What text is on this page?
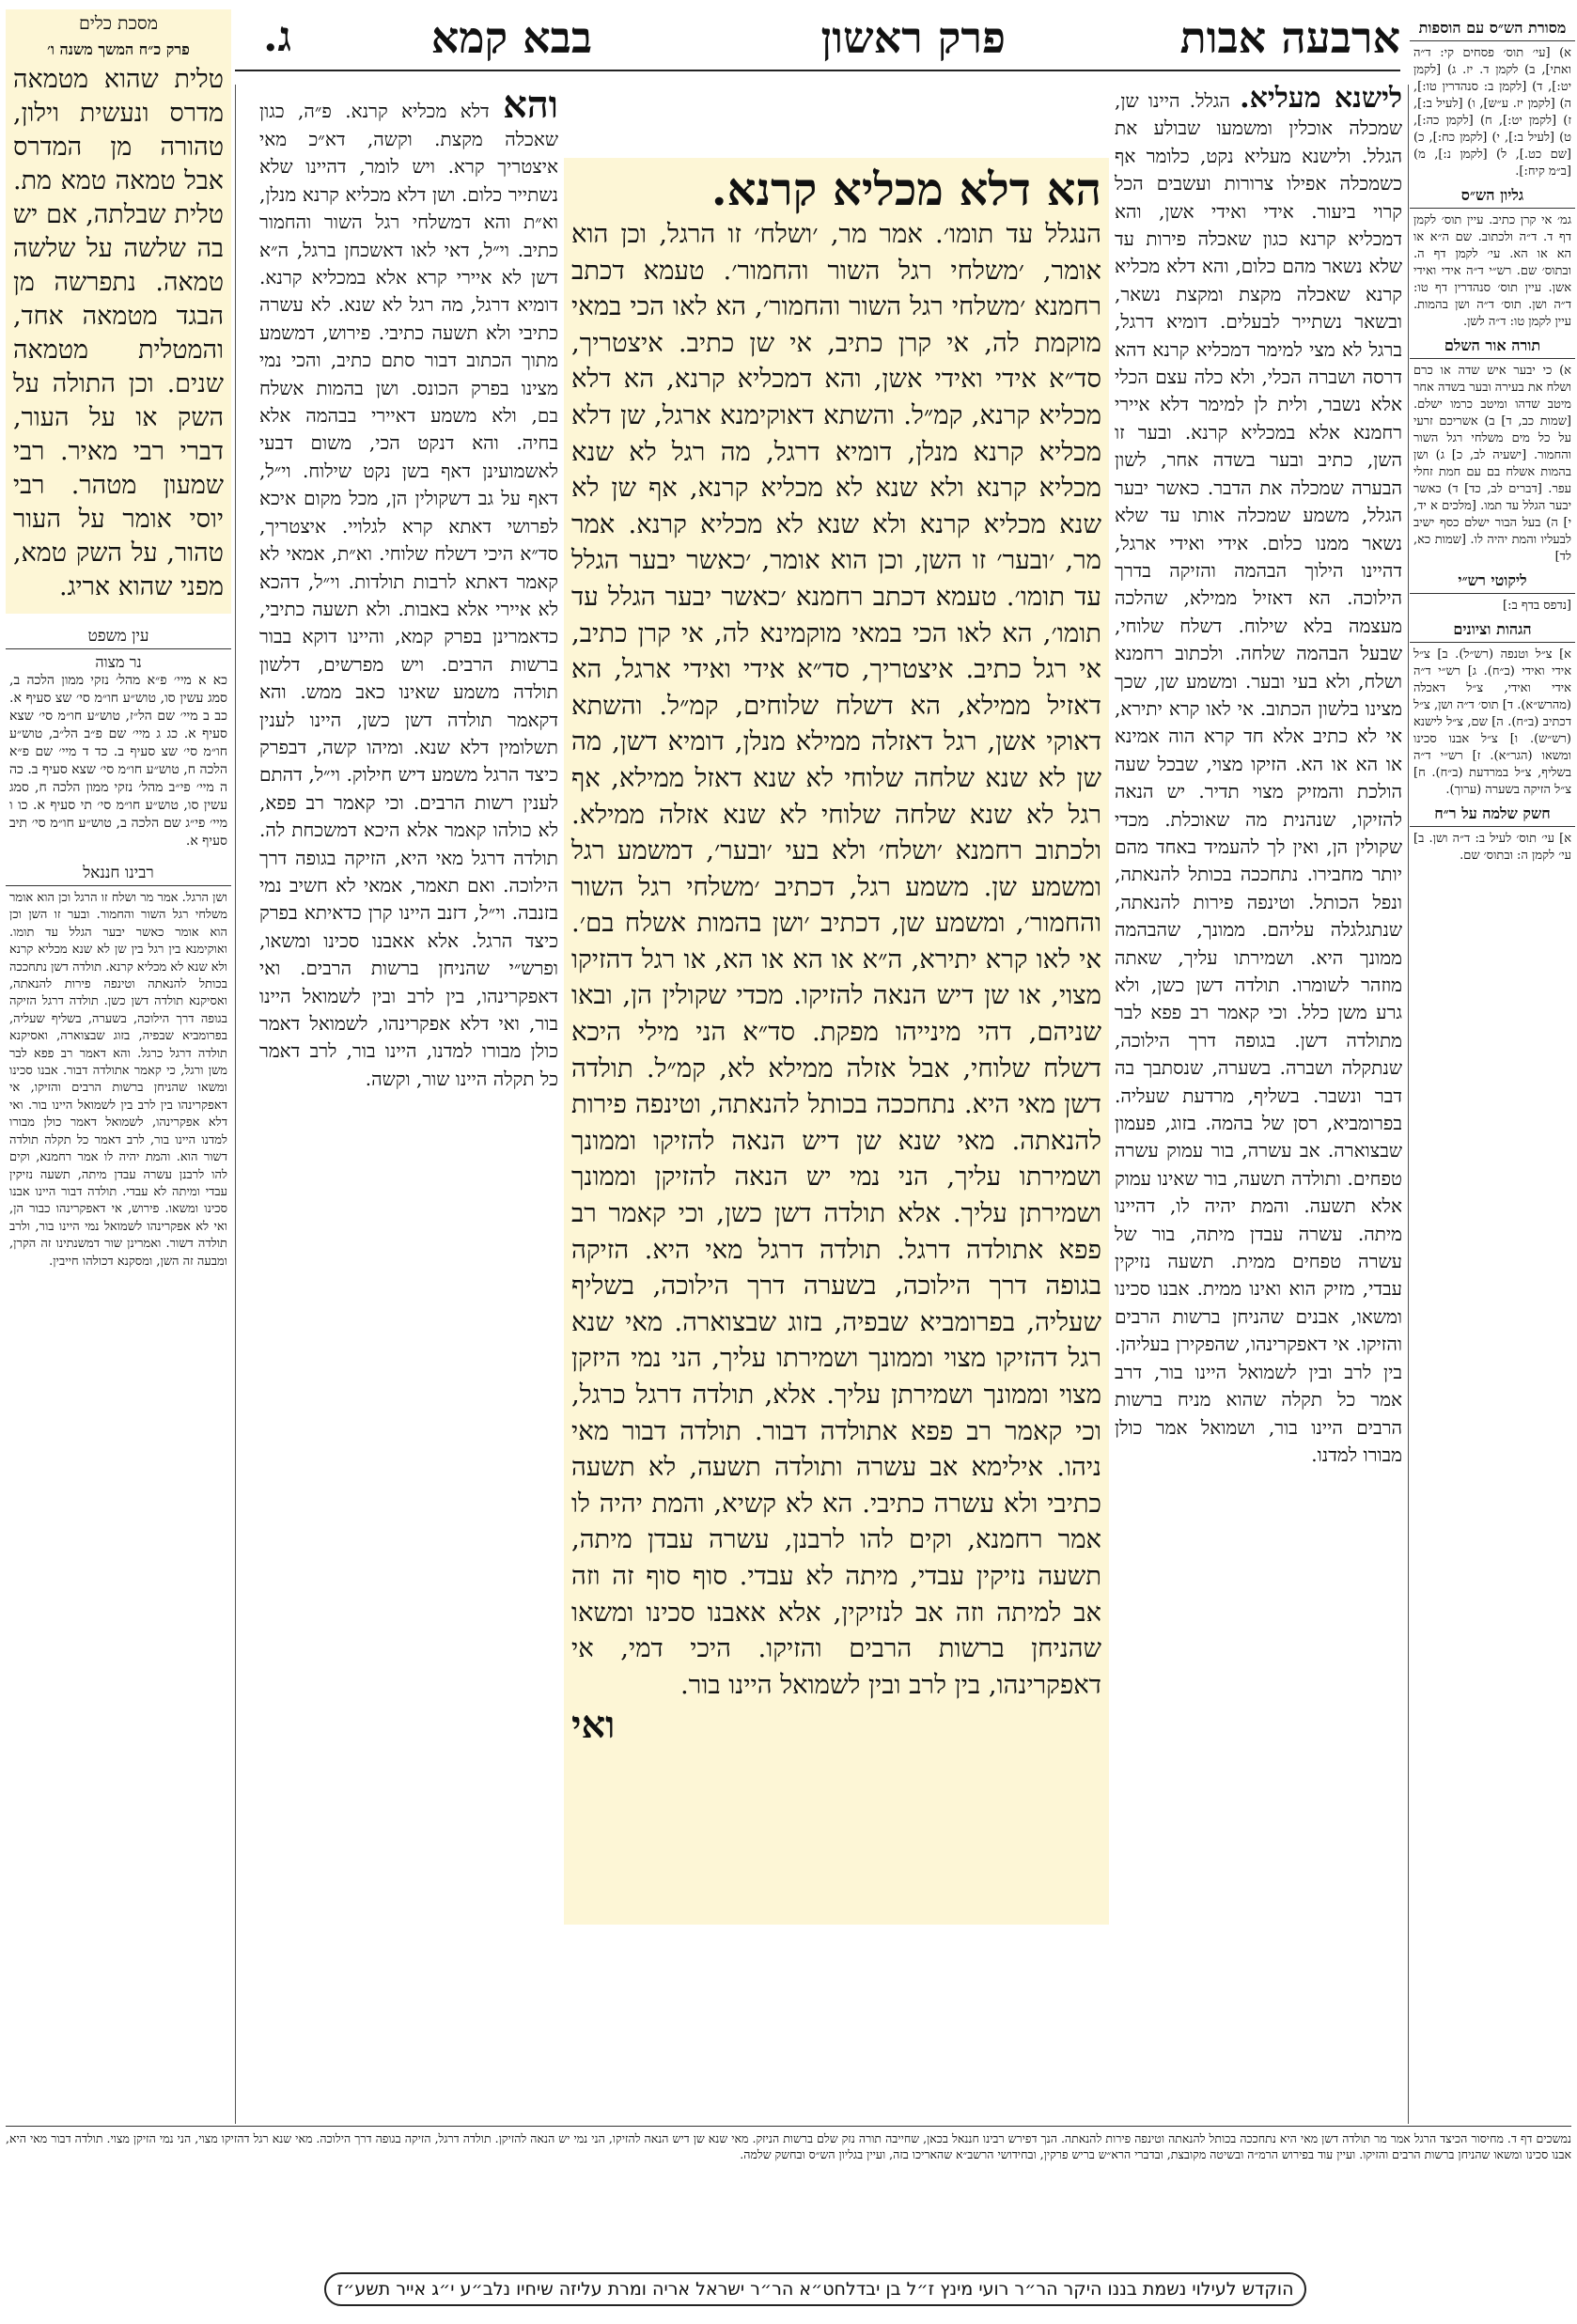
ארבעה אבות
פרק ראשון
בבא קמא
ג.	מסורת הש״ס עם הוספות
א) [עי׳ תוס׳ פסחים קי: ד״ה ואתי], ב) לקמן ד. יז. ג) [לקמן יט:], ד) [לקמן ב: סנהדרין טו:], ה) [לקמן יז. ע״ש], ו) [לעיל ב:], ז) [לקמן יט:], ח) [לקמן כה:], ט) [לעיל ב:], י) [לקמן כח:], כ) [שם כט.], ל) [לקמן נ:], מ) [ב״מ קיח:].
גליון הש״ס
גמ׳ אי קרן כתיב. עיין תוס׳ לקמן דף ד. ד״ה ולכתוב. שם ה״א או הא או הא. עי׳ לקמן דף ה. ובתוס׳ שם. רש״י ד״ה אידי ואידי אשן. עיין תוס׳ סנהדרין דף טו: ד״ה ושן. תוס׳ ד״ה ושן בהמות. עיין לקמן טו: ד״ה לשן.
תורה אור השלם
א) כי יבער איש שדה או כרם ושלח את בעירה ובער בשדה אחר מיטב שדהו ומיטב כרמו ישלם. [שמות כב, ד] ב) אשריכם זרעי על כל מים משלחי רגל השור והחמור. [ישעיה לב, כ] ג) ושן בהמות אשלח בם עם חמת זחלי עפר. [דברים לב, כד] ד) כאשר יבער הגלל עד תמו. [מלכים א יד, י] ה) בעל הבור ישלם כסף ישיב לבעליו והמת יהיה לו. [שמות כא, לד]
ליקוטי רש״י
[נדפס בדף ב:]
הגהות וציונים
א] צ״ל וטנפה (רש״ל). ב] צ״ל אידי ואידי (ב״ח). ג] רש״י ד״ה אידי ואידי, צ״ל דאכלה (מהרש״א). ד] תוס׳ ד״ה ושן, צ״ל דכתיב (ב״ח). ה] שם, צ״ל לישנא (רש״ש). ו] צ״ל אבנו סכינו ומשאו (הגר״א). ז] רש״י ד״ה בשליף, צ״ל במרדעת (ב״ח). ח] צ״ל הזיקה בשערה (ערוך).
חשק שלמה על ר״ח
א] עי׳ תוס׳ לעיל ב: ד״ה ושן. ב] עי׳ לקמן ה: ובתוס׳ שם.
לישנא מעליא. הגלל. היינו שן, שמכלה אוכלין ומשמעו שבולע את הגלל. ולישנא מעליא נקט, כלומר אף כשמכלה אפילו צרורות ועשבים הכל קרוי ביעור. אידי ואידי אשן, והא דמכליא קרנא כגון שאכלה פירות עד שלא נשאר מהם כלום, והא דלא מכליא קרנא שאכלה מקצת ומקצת נשאר, ובשאר נשתייר לבעלים. דומיא דרגל, ברגל לא מצי למימר דמכליא קרנא דהא דרסה ושברה הכלי, ולא כלה עצם הכלי אלא נשבר, ולית לן למימר דלא איירי רחמנא אלא במכליא קרנא. ובער זו השן, כתיב ובער בשדה אחר, לשון הבערה שמכלה את הדבר. כאשר יבער הגלל, משמע שמכלה אותו עד שלא נשאר ממנו כלום. אידי ואידי ארגל, דהיינו הילוך הבהמה והזיקה בדרך הילוכה. הא דאזיל ממילא, שהלכה מעצמה בלא שילוח. דשלח שלוחי, שבעל הבהמה שלחה. ולכתוב רחמנא ושלח, ולא בעי ובער. ומשמע שן, שכך מצינו בלשון הכתוב. אי לאו קרא יתירא, אי לא כתיב אלא חד קרא הוה אמינא או הא או הא. הזיקו מצוי, שבכל שעה הולכת והמזיק מצוי תדיר. יש הנאה להזיקו, שנהנית מה שאוכלת. מכדי שקולין הן, ואין לך להעמיד באחד מהם יותר מחבירו. נתחככה בכותל להנאתה, ונפל הכותל. וטינפה פירות להנאתה, שנתגלגלה עליהם. ממונך, שהבהמה ממונך היא. ושמירתו עליך, שאתה מוזהר לשומרו. תולדה דשן כשן, ולא גרע משן כלל. וכי קאמר רב פפא לבר מתולדה דשן. בגופה דרך הילוכה, שנתקלה ושברה. בשערה, שנסתבך בה דבר ונשבר. בשליף, מרדעת שעליה. בפרומביא, רסן של בהמה. בזוג, פעמון שבצוארה. אב עשרה, בור עמוק עשרה טפחים. ותולדה תשעה, בור שאינו עמוק אלא תשעה. והמת יהיה לו, דהיינו מיתה. עשרה עבדן מיתה, בור של עשרה טפחים ממית. תשעה נזיקין עבדי, מזיק הוא ואינו ממית. אבנו סכינו ומשאו, אבנים שהניחן ברשות הרבים והזיקו. אי דאפקרינהו, שהפקירן בעליהן. בין לרב ובין לשמואל היינו בור, דרב אמר כל תקלה שהוא מניח ברשות הרבים היינו בור, ושמואל אמר כולן מבורו למדנו.
הא דלא מכליא קרנא.
הנגלל עד תומו׳. אמר מר, ׳ושלח׳ זו הרגל, וכן הוא אומר, ׳משלחי רגל השור והחמור׳. טעמא דכתב רחמנא ׳משלחי רגל השור והחמור׳, הא לאו הכי במאי מוקמת לה, אי קרן כתיב, אי שן כתיב. איצטריך, סד״א אידי ואידי אשן, והא דמכליא קרנא, הא דלא מכליא קרנא, קמ״ל. והשתא דאוקימנא ארגל, שן דלא מכליא קרנא מנלן, דומיא דרגל, מה רגל לא שנא מכליא קרנא ולא שנא לא מכליא קרנא, אף שן לא שנא מכליא קרנא ולא שנא לא מכליא קרנא. אמר מר, ׳ובער׳ זו השן, וכן הוא אומר, ׳כאשר יבער הגלל עד תומו׳. טעמא דכתב רחמנא ׳כאשר יבער הגלל עד תומו׳, הא לאו הכי במאי מוקמינא לה, אי קרן כתיב, אי רגל כתיב. איצטריך, סד״א אידי ואידי ארגל, הא דאזיל ממילא, הא דשלח שלוחים, קמ״ל. והשתא דאוקי אשן, רגל דאזלה ממילא מנלן, דומיא דשן, מה שן לא שנא שלחה שלוחי לא שנא דאזל ממילא, אף רגל לא שנא שלחה שלוחי לא שנא אזלה ממילא. ולכתוב רחמנא ׳ושלח׳ ולא בעי ׳ובער׳, דמשמע רגל ומשמע שן. משמע רגל, דכתיב ׳משלחי רגל השור והחמור׳, ומשמע שן, דכתיב ׳ושן בהמות אשלח בם׳. אי לאו קרא יתירא, ה״א או הא או הא, או רגל דהזיקו מצוי, או שן דיש הנאה להזיקו. מכדי שקולין הן, ובאו שניהם, דהי מינייהו מפקת. סד״א הני מילי היכא דשלח שלוחי, אבל אזלה ממילא לא, קמ״ל. תולדה דשן מאי היא. נתחככה בכותל להנאתה, וטינפה פירות להנאתה. מאי שנא שן דיש הנאה להזיקו וממונך ושמירתו עליך, הני נמי יש הנאה להזיקן וממונך ושמירתן עליך. אלא תולדה דשן כשן, וכי קאמר רב פפא אתולדה דרגל. תולדה דרגל מאי היא. הזיקה בגופה דרך הילוכה, בשערה דרך הילוכה, בשליף שעליה, בפרומביא שבפיה, בזוג שבצוארה. מאי שנא רגל דהזיקו מצוי וממונך ושמירתו עליך, הני נמי היזקן מצוי וממונך ושמירתן עליך. אלא, תולדה דרגל כרגל, וכי קאמר רב פפא אתולדה דבור. תולדה דבור מאי ניהו. אילימא אב עשרה ותולדה תשעה, לא תשעה כתיבי ולא עשרה כתיבי. הא לא קשיא, והמת יהיה לו אמר רחמנא, וקים להו לרבנן, עשרה עבדן מיתה, תשעה נזיקין עבדי, מיתה לא עבדי. סוף סוף זה וזה אב למיתה וזה אב לנזיקין, אלא אאבנו סכינו ומשאו שהניחן ברשות הרבים והזיקו. היכי דמי, אי דאפקרינהו, בין לרב ובין לשמואל היינו בור.
ואי
והא דלא מכליא קרנא. פ״ה, כגון שאכלה מקצת. וקשה, דא״כ מאי איצטריך קרא. ויש לומר, דהיינו שלא נשתייר כלום. ושן דלא מכליא קרנא מנלן, וא״ת והא דמשלחי רגל השור והחמור כתיב. וי״ל, דאי לאו דאשכחן ברגל, ה״א דשן לא איירי קרא אלא במכליא קרנא. דומיא דרגל, מה רגל לא שנא. לא עשרה כתיבי ולא תשעה כתיבי. פירוש, דמשמע מתוך הכתוב דבור סתם כתיב, והכי נמי מצינו בפרק הכונס. ושן בהמות אשלח בם, ולא משמע דאיירי בבהמה אלא בחיה. והא דנקט הכי, משום דבעי לאשמועינן דאף בשן נקט שילוח. וי״ל, דאף על גב דשקולין הן, מכל מקום איכא לפרושי דאתא קרא לגלויי. איצטריך, סד״א היכי דשלח שלוחי. וא״ת, אמאי לא קאמר דאתא לרבות תולדות. וי״ל, דהכא לא איירי אלא באבות. ולא תשעה כתיבי, כדאמרינן בפרק קמא, והיינו דוקא בבור ברשות הרבים. ויש מפרשים, דלשון תולדה משמע שאינו כאב ממש. והא דקאמר תולדה דשן כשן, היינו לענין תשלומין דלא שנא. ומיהו קשה, דבפרק כיצד הרגל משמע דיש חילוק. וי״ל, דהתם לענין רשות הרבים. וכי קאמר רב פפא, לא כולהו קאמר אלא היכא דמשכחת לה. תולדה דרגל מאי היא, הזיקה בגופה דרך הילוכה. ואם תאמר, אמאי לא חשיב נמי בזנבה. וי״ל, דזנב היינו קרן כדאיתא בפרק כיצד הרגל. אלא אאבנו סכינו ומשאו, ופרש״י שהניחן ברשות הרבים. ואי דאפקרינהו, בין לרב ובין לשמואל היינו בור, ואי דלא אפקרינהו, לשמואל דאמר כולן מבורו למדנו, היינו בור, לרב דאמר כל תקלה היינו שור, וקשה.
מסכת כלים
פרק כ״ח המשך משנה ו׳
טלית שהוא מטמאה מדרס ונעשית וילון, טהורה מן המדרס אבל טמאה טמא מת. טלית שבלתה, אם יש בה שלשה על שלשה טמאה. נתפרשה מן הבגד מטמאה אחד, והמטלית מטמאה שנים. וכן התולה על השק או על העור, דברי רבי מאיר. רבי שמעון מטהר. רבי יוסי אומר על העור טהור, על השק טמא, מפני שהוא אריג.
עין משפט
נר מצוה
כא א מיי׳ פ״א מהל׳ נזקי ממון הלכה ב, סמג עשין סו, טוש״ע חו״מ סי׳ שצ סעיף א. כב ב מיי׳ שם הל״ז, טוש״ע חו״מ סי׳ שצא סעיף א. כג ג מיי׳ שם פ״ב הל״ב, טוש״ע חו״מ סי׳ שצ סעיף ב. כד ד מיי׳ שם פ״א הלכה ח, טוש״ע חו״מ סי׳ שצא סעיף ב. כה ה מיי׳ פי״ב מהל׳ נזקי ממון הלכה ח, סמג עשין סו, טוש״ע חו״מ סי׳ תי סעיף א. כו ו מיי׳ פי״ג שם הלכה ב, טוש״ע חו״מ סי׳ תיב סעיף א.
רבינו חננאל
ושן הרגל. אמר מר ושלח זו הרגל וכן הוא אומר משלחי רגל השור והחמור. ובער זו השן וכן הוא אומר כאשר יבער הגלל עד תומו. ואוקימנא בין רגל בין שן לא שנא מכליא קרנא ולא שנא לא מכליא קרנא. תולדה דשן נתחככה בכותל להנאתה וטינפה פירות להנאתה, ואסיקנא תולדה דשן כשן. תולדה דרגל הזיקה בגופה דרך הילוכה, בשערה, בשליף שעליה, בפרומביא שבפיה, בזוג שבצוארה, ואסיקנא תולדה דרגל כרגל. והא דאמר רב פפא לבר משן ורגל, כי קאמר אתולדה דבור. אבנו סכינו ומשאו שהניחן ברשות הרבים והזיקו, אי דאפקרינהו בין לרב בין לשמואל היינו בור. ואי דלא אפקרינהו, לשמואל דאמר כולן מבורו למדנו היינו בור, לרב דאמר כל תקלה תולדה דשור הוא. והמת יהיה לו אמר רחמנא, וקים להו לרבנן עשרה עבדן מיתה, תשעה נזיקין עבדי ומיתה לא עבדי. תולדה דבור היינו אבנו סכינו ומשאו. פירוש, אי דאפקרינהו כבור הן, ואי לא אפקרינהו לשמואל נמי היינו בור, ולרב תולדה דשור. ואמרינן שור דמשנתינו זה הקרן, ומבעה זה השן, ומסקנא דכולהו חייבין.
נמשכים דף ד. מחיסור הכיצד הרגל אמר מר תולדה דשן מאי היא נתחככה בכותל להנאתה וטינפה פירות להנאתה. הנך דפירש רבינו חננאל בכאן, שחייבה תורה נזק שלם ברשות הניזק. מאי שנא שן דיש הנאה להזיקו, הני נמי יש הנאה להזיקן. תולדה דרגל, הזיקה בגופה דרך הילוכה. מאי שנא רגל דהזיקו מצוי, הני נמי הזיקן מצוי. תולדה דבור מאי היא, אבנו סכינו ומשאו שהניחן ברשות הרבים והזיקו. ועיין עוד בפירוש הרמ״ה ובשיטה מקובצת, ובדברי הרא״ש בריש פרקין, ובחידושי הרשב״א שהאריכו בזה, ועיין בגליון הש״ס ובחשק שלמה.
הוקדש לעילוי נשמת בננו היקר הר״ר רועי מינץ ז״ל בן יבדלחט״א הר״ר ישראל אריה ומרת עליזה שיחיו נלב״ע י״ג אייר תשע״ז
